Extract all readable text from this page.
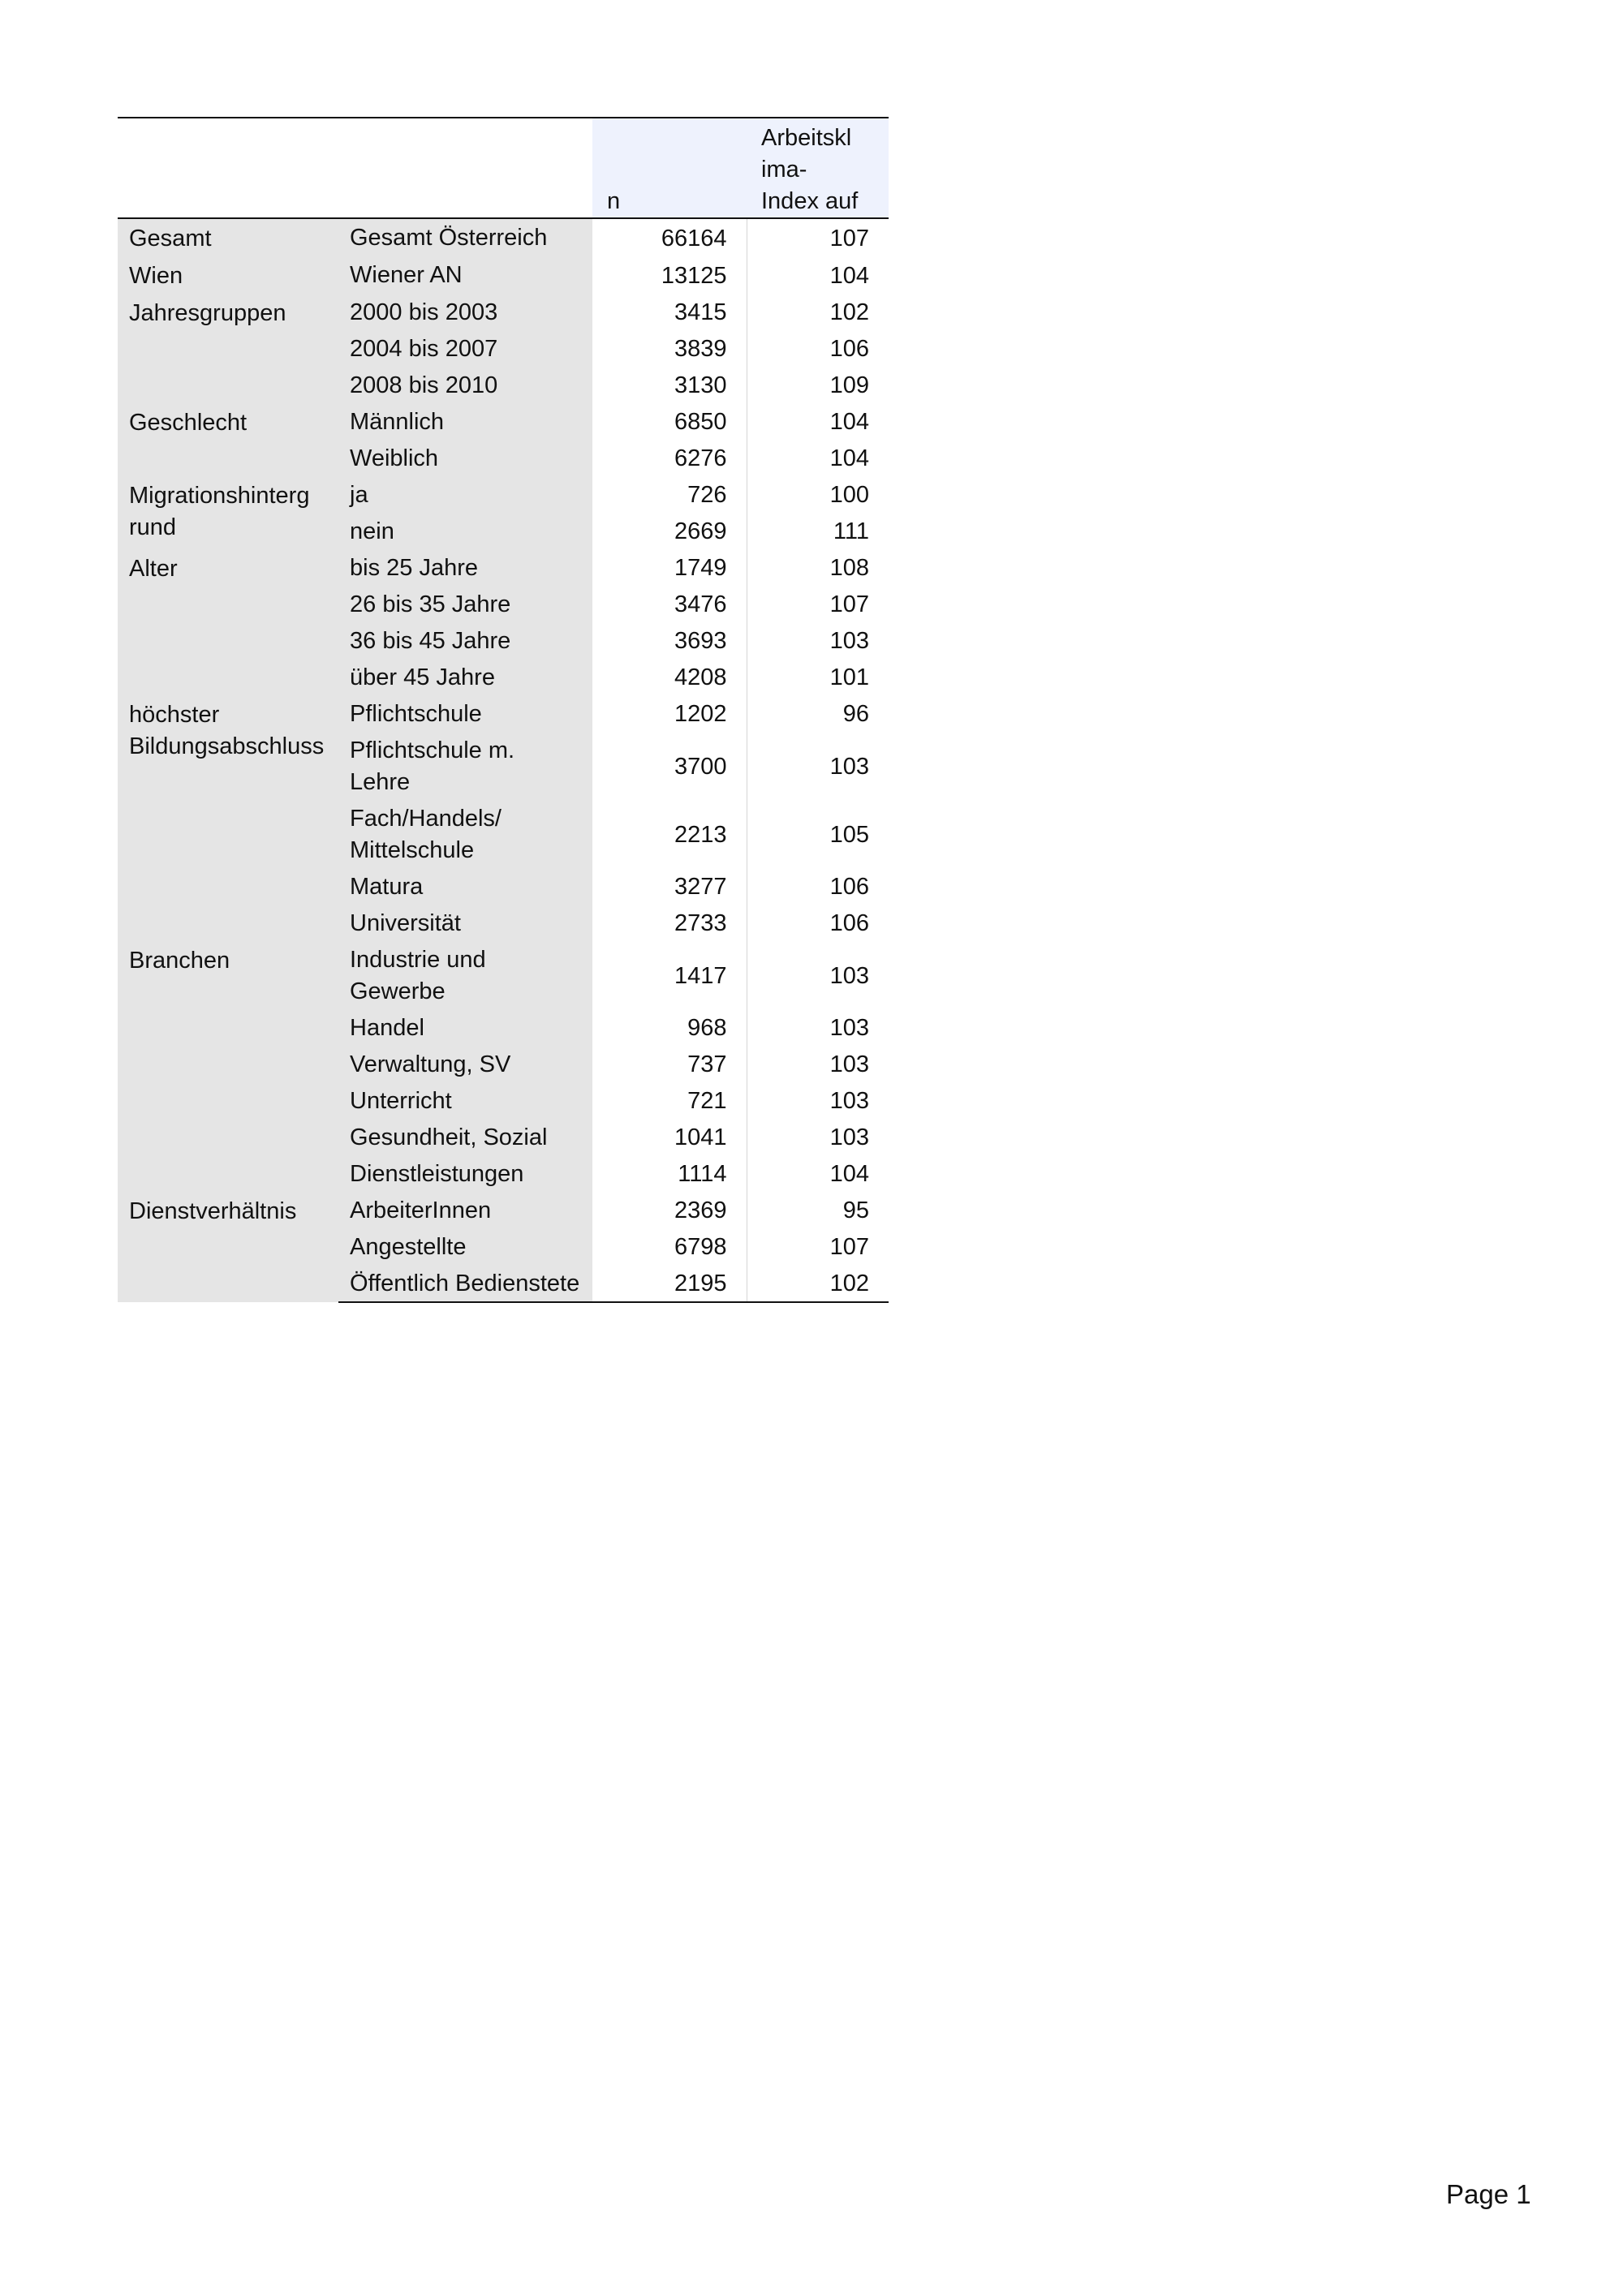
		n	Arbeitskl
ima-
Index auf
Gesamt	Gesamt Österreich	66164	107
Wien	Wiener AN	13125	104
Jahresgruppen	2000 bis 2003	3415	102
	2004 bis 2007	3839	106
	2008 bis 2010	3130	109
Geschlecht	Männlich	6850	104
	Weiblich	6276	104
Migrationshinterg rund	ja	726	100
	nein	2669	111
Alter	bis 25 Jahre	1749	108
	26 bis 35 Jahre	3476	107
	36 bis 45 Jahre	3693	103
	über 45 Jahre	4208	101
höchster Bildungsabschluss	Pflichtschule	1202	96
	Pflichtschule m. Lehre	3700	103
	Fach/Handels/ Mittelschule	2213	105
	Matura	3277	106
	Universität	2733	106
Branchen	Industrie und Gewerbe	1417	103
	Handel	968	103
	Verwaltung, SV	737	103
	Unterricht	721	103
	Gesundheit, Sozial	1041	103
	Dienstleistungen	1114	104
Dienstverhältnis	ArbeiterInnen	2369	95
	Angestellte	6798	107
	Öffentlich Bedienstete	2195	102
Page 1
